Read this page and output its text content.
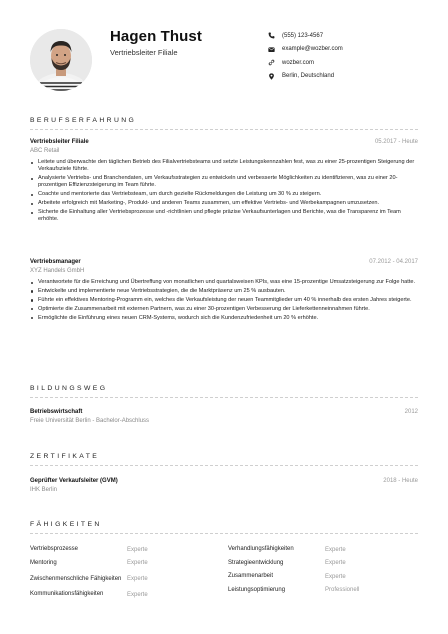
Hagen Thust
Vertriebsleiter Filiale
(555) 123-4567
example@wozber.com
wozber.com
Berlin, Deutschland
BERUFSERFAHRUNG
Vertriebsleiter Filiale	05.2017 - Heute
ABC Retail
Leitete und überwachte den täglichen Betrieb des Filialvertriebsteams und setzte Leistungskennzahlen fest, was zu einer 25-prozentigen Steigerung der Verkaufsziele führte.
Analysierte Vertriebs- und Branchendaten, um Verkaufsstrategien zu entwickeln und verbesserte Möglichkeiten zu identifizieren, was zu einer 20-prozentigen Effizienzsteigerung im Team führte.
Coachte und mentorierte das Vertriebsteam, um durch gezielte Rückmeldungen die Leistung um 30 % zu steigern.
Arbeitete erfolgreich mit Marketing-, Produkt- und anderen Teams zusammen, um effektive Vertriebs- und Werbekampagnen umzusetzen.
Sicherte die Einhaltung aller Vertriebsprozesse und -richtlinien und pflegte präzise Verkaufsunterlagen und Berichte, was die Transparenz im Team erhöhte.
Vertriebsmanager	07.2012 - 04.2017
XYZ Handels GmbH
Verantwortete für die Erreichung und Übertreffung von monatlichen und quartalsweisen KPIs, was eine 15-prozentige Umsatzsteigerung zur Folge hatte.
Entwickelte und implementierte neue Vertriebsstrategien, die die Marktpräsenz um 25 % ausbauten.
Führte ein effektives Mentoring-Programm ein, welches die Verkaufsleistung der neuen Teammitglieder um 40 % innerhalb des ersten Jahres steigerte.
Optimierte die Zusammenarbeit mit externen Partnern, was zu einer 30-prozentigen Verbesserung der Lieferkettenneinnahmen führte.
Ermöglichte die Einführung eines neuen CRM-Systems, wodurch sich die Kundenzufriedenheit um 20 % erhöhte.
BILDUNGSWEG
Betriebswirtschaft	2012
Freie Universität Berlin - Bachelor-Abschluss
ZERTIFIKATE
Geprüfter Verkaufsleiter (GVM)	2018 - Heute
IHK Berlin
FÄHIGKEITEN
Vertriebsprozesse	Experte
Mentoring	Experte
Zwischenmenschliche Fähigkeiten Experte
Kommunikationsfähigkeiten	Experte
Verhandlungsfähigkeiten	Experte
Strategieentwicklung	Experte
Zusammenarbeit	Experte
Leistungsoptimierung	Professionell
